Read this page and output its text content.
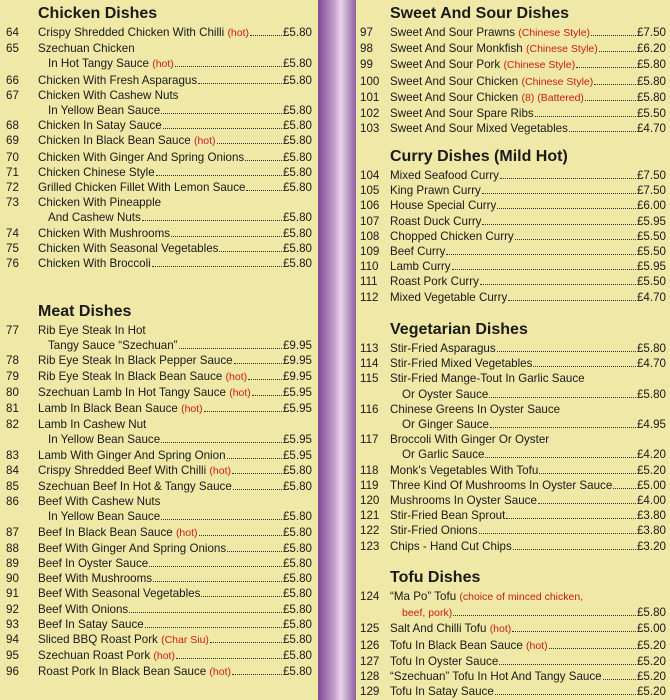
Chicken Dishes
64 Crispy Shredded Chicken With Chilli (hot)	£5.80
65 Szechuan Chicken
In Hot Tangy Sauce (hot)	£5.80
66 Chicken With Fresh Asparagus	£5.80
67 Chicken With Cashew Nuts
In Yellow Bean Sauce	£5.80
68 Chicken In Satay Sauce	£5.80
69 Chicken In Black Bean Sauce (hot)	£5.80
70 Chicken With Ginger And Spring Onions	£5.80
71 Chicken Chinese Style	£5.80
72 Grilled Chicken Fillet With Lemon Sauce	£5.80
73 Chicken With Pineapple
And Cashew Nuts	£5.80
74 Chicken With Mushrooms	£5.80
75 Chicken With Seasonal Vegetables	£5.80
76 Chicken With Broccoli	£5.80
Meat Dishes
77 Rib Eye Steak In Hot
Tangy Sauce “Szechuan”	£9.95
78 Rib Eye Steak In Black Pepper Sauce	£9.95
79 Rib Eye Steak In Black Bean Sauce (hot)	£9.95
80 Szechuan Lamb In Hot Tangy Sauce (hot)	£5.95
81 Lamb In Black Bean Sauce (hot)	£5.95
82 Lamb In Cashew Nut
In Yellow Bean Sauce	£5.95
83 Lamb With Ginger And Spring Onion	£5.95
84 Crispy Shredded Beef With Chilli (hot)	£5.80
85 Szechuan Beef In Hot & Tangy Sauce	£5.80
86 Beef With Cashew Nuts
In Yellow Bean Sauce	£5.80
87 Beef In Black Bean Sauce (hot)	£5.80
88 Beef With Ginger And Spring Onions	£5.80
89 Beef In Oyster Sauce	£5.80
90 Beef With Mushrooms	£5.80
91 Beef With Seasonal Vegetables	£5.80
92 Beef With Onions	£5.80
93 Beef In Satay Sauce	£5.80
94 Sliced BBQ Roast Pork (Char Siu)	£5.80
95 Szechuan Roast Pork (hot)	£5.80
96 Roast Pork In Black Bean Sauce (hot)	£5.80
Sweet And Sour Dishes
97 Sweet And Sour Prawns (Chinese Style)	£7.50
98 Sweet And Sour Monkfish (Chinese Style)	£6.20
99 Sweet And Sour Pork (Chinese Style)	£5.80
100 Sweet And Sour Chicken (Chinese Style)	£5.80
101 Sweet And Sour Chicken (8) (Battered)	£5.80
102 Sweet And Sour Spare Ribs	£5.50
103 Sweet And Sour Mixed Vegetables	£4.70
Curry Dishes (Mild Hot)
104 Mixed Seafood Curry	£7.50
105 King Prawn Curry	£7.50
106 House Special Curry	£6.00
107 Roast Duck Curry	£5.95
108 Chopped Chicken Curry	£5.50
109 Beef Curry	£5.50
110 Lamb Curry	£5.95
111 Roast Pork Curry	£5.50
112 Mixed Vegetable Curry	£4.70
Vegetarian Dishes
113 Stir-Fried Asparagus	£5.80
114 Stir-Fried Mixed Vegetables	£4.70
115 Stir-Fried Mange-Tout In Garlic Sauce
Or Oyster Sauce	£5.80
116 Chinese Greens In Oyster Sauce
Or Ginger Sauce	£4.95
117 Broccoli With Ginger Or Oyster
Or Garlic Sauce	£4.20
118 Monk's Vegetables With Tofu	£5.20
119 Three Kind Of Mushrooms In Oyster Sauce £5.00
120 Mushrooms In Oyster Sauce	£4.00
121 Stir-Fried Bean Sprout	£3.80
122 Stir-Fried Onions	£3.80
123 Chips - Hand Cut Chips	£3.20
Tofu Dishes
124 “Ma Po” Tofu (choice of minced chicken,
beef, pork)	£5.80
125 Salt And Chilli Tofu (hot)	£5.00
126 Tofu In Black Bean Sauce (hot)	£5.20
127 Tofu In Oyster Sauce	£5.20
128 “Szechuan” Tofu In Hot And Tangy Sauce	£5.20
129 Tofu In Satay Sauce	£5.20
